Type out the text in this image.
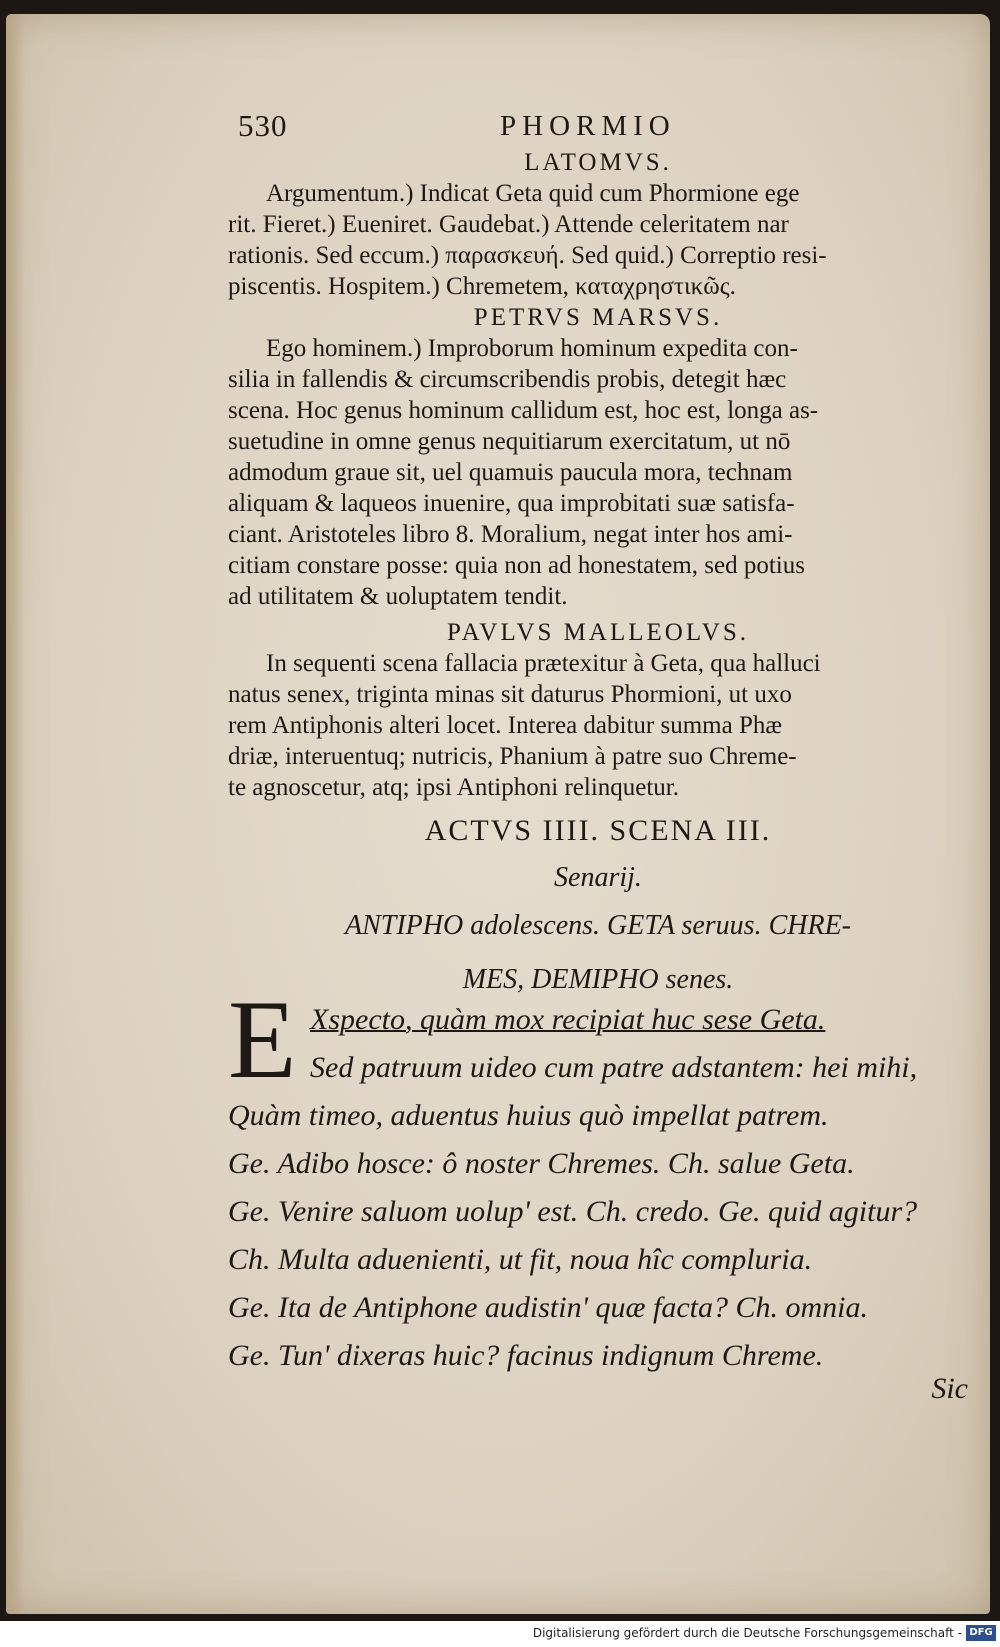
530	PHORMIO
LATOMVS.

Argumentum.) Indicat Geta quid cum Phormione ege

rit. Fieret.) Eueniret. Gaudebat.) Attende celeritatem nar

rationis. Sed eccum.) παρασκευή. Sed quid.) Correptio resi-

piscentis. Hospitem.) Chremetem, καταχρηστικῶς.

PETRVS MARSVS.

Ego hominem.) Improborum hominum expedita con-

silia in fallendis & circumscribendis probis, detegit hæc

scena. Hoc genus hominum callidum est, hoc est, longa as-

suetudine in omne genus nequitiarum exercitatum, ut nō

admodum graue sit, uel quamuis paucula mora, technam

aliquam & laqueos inuenire, qua improbitati suæ satisfa-

ciant. Aristoteles libro 8. Moralium, negat inter hos ami-

citiam constare posse: quia non ad honestatem, sed potius

ad utilitatem & uoluptatem tendit.

PAVLVS MALLEOLVS.

In sequenti scena fallacia prætexitur à Geta, qua halluci

natus senex, triginta minas sit daturus Phormioni, ut uxo

rem Antiphonis alteri locet. Interea dabitur summa Phæ

driæ, interuentuq; nutricis, Phanium à patre suo Chreme-

te agnoscetur, atq; ipsi Antiphoni relinquetur.

ACTVS IIII. SCENA III.
Senarij.
ANTIPHO adolescens. GETA seruus. CHRE-
MES, DEMIPHO senes.
E Xspecto, quàm mox recipiat huc sese Geta.
Sed patruum uideo cum patre adstantem: hei mihi,
Quàm timeo, aduentus huius quò impellat patrem.
Ge. Adibo hosce: ô noster Chremes. Ch. salue Geta.
Ge. Venire saluom uolup' est. Ch. credo. Ge. quid agitur?
Ch. Multa aduenienti, ut fit, noua hîc compluria.
Ge. Ita de Antiphone audistin' quæ facta? Ch. omnia.
Ge. Tun' dixeras huic? facinus indignum Chreme.
Sic
Digitalisierung gefördert durch die Deutsche Forschungsgemeinschaft - DFG
